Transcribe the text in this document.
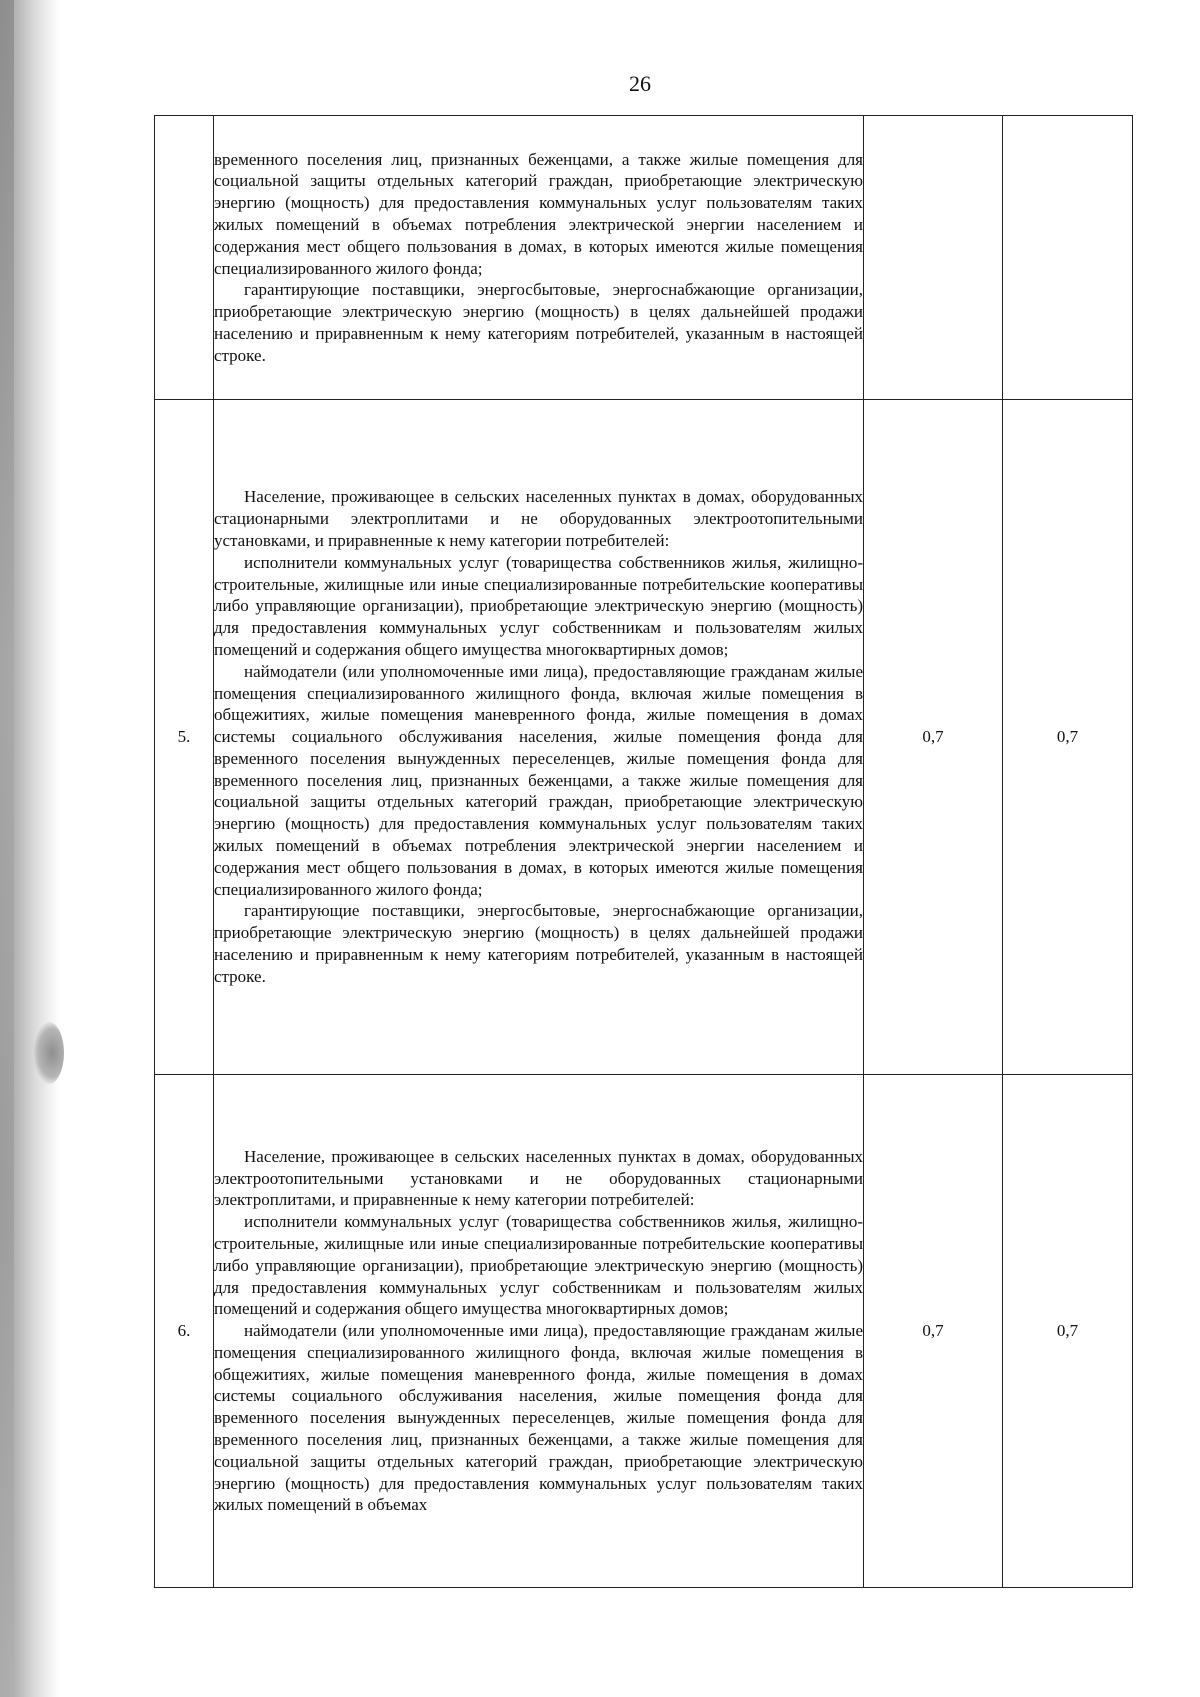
26

	временного поселения лиц, признанных беженцами, а также жилые помещения для социальной защиты отдельных категорий граждан, приобретающие электрическую энергию (мощность) для предоставления коммунальных услуг пользователям таких жилых помещений в объемах потребления электрической энергии населением и содержания мест общего пользования в домах, в которых имеются жилые помещения специализированного жилого фонда;

гарантирующие поставщики, энергосбытовые, энергоснабжающие организации, приобретающие электрическую энергию (мощность) в целях дальнейшей продажи населению и приравненным к нему категориям потребителей, указанным в настоящей строке.		

5.	Население, проживающее в сельских населенных пунктах в домах, оборудованных стационарными электроплитами и не оборудованных электроотопительными установками, и приравненные к нему категории потребителей:

исполнители коммунальных услуг (товарищества собственников жилья, жилищно-строительные, жилищные или иные специализированные потребительские кооперативы либо управляющие организации), приобретающие электрическую энергию (мощность) для предоставления коммунальных услуг собственникам и пользователям жилых помещений и содержания общего имущества многоквартирных домов;

наймодатели (или уполномоченные ими лица), предоставляющие гражданам жилые помещения специализированного жилищного фонда, включая жилые помещения в общежитиях, жилые помещения маневренного фонда, жилые помещения в домах системы социального обслуживания населения, жилые помещения фонда для временного поселения вынужденных переселенцев, жилые помещения фонда для временного поселения лиц, признанных беженцами, а также жилые помещения для социальной защиты отдельных категорий граждан, приобретающие электрическую энергию (мощность) для предоставления коммунальных услуг пользователям таких жилых помещений в объемах потребления электрической энергии населением и содержания мест общего пользования в домах, в которых имеются жилые помещения специализированного жилого фонда;

гарантирующие поставщики, энергосбытовые, энергоснабжающие организации, приобретающие электрическую энергию (мощность) в целях дальнейшей продажи населению и приравненным к нему категориям потребителей, указанным в настоящей строке.	0,7	0,7
6.	Население, проживающее в сельских населенных пунктах в домах, оборудованных электроотопительными установками и не оборудованных стационарными электроплитами, и приравненные к нему категории потребителей:

исполнители коммунальных услуг (товарищества собственников жилья, жилищно-строительные, жилищные или иные специализированные потребительские кооперативы либо управляющие организации), приобретающие электрическую энергию (мощность) для предоставления коммунальных услуг собственникам и пользователям жилых помещений и содержания общего имущества многоквартирных домов;

наймодатели (или уполномоченные ими лица), предоставляющие гражданам жилые помещения специализированного жилищного фонда, включая жилые помещения в общежитиях, жилые помещения маневренного фонда, жилые помещения в домах системы социального обслуживания населения, жилые помещения фонда для временного поселения вынужденных переселенцев, жилые помещения фонда для временного поселения лиц, признанных беженцами, а также жилые помещения для социальной защиты отдельных категорий граждан, приобретающие электрическую энергию (мощность) для предоставления коммунальных услуг пользователям таких жилых помещений в объемах	0,7	0,7
